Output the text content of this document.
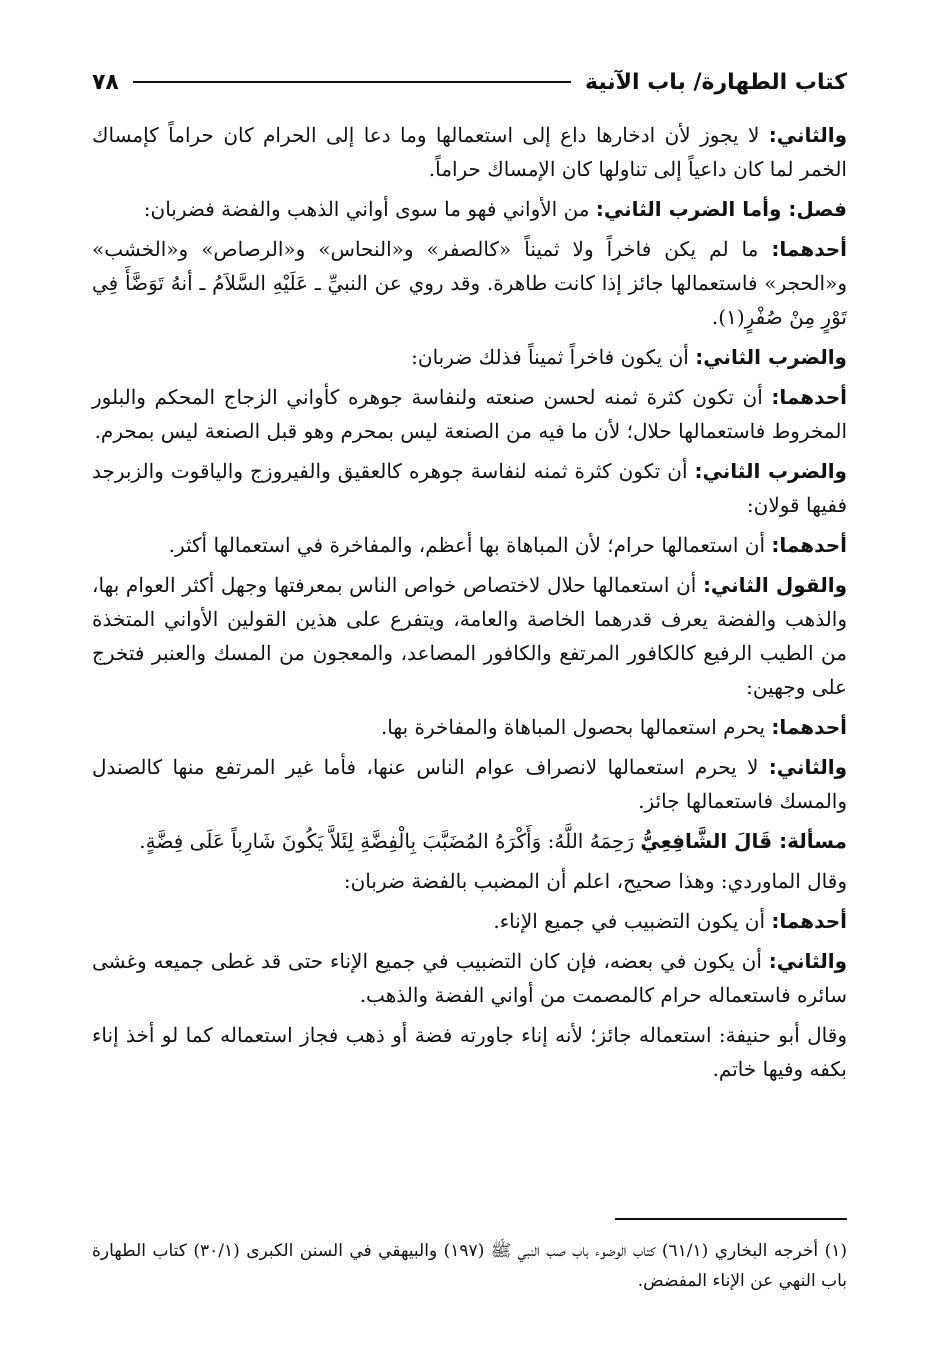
كتاب الطهارة/ باب الآنية
٧٨

والثاني: لا يجوز لأن ادخارها داع إلى استعمالها وما دعا إلى الحرام كان حراماً كإمساك الخمر لما كان داعياً إلى تناولها كان الإمساك حراماً.

فصل: وأما الضرب الثاني: من الأواني فهو ما سوى أواني الذهب والفضة فضربان:

أحدهما: ما لم يكن فاخراً ولا ثميناً «كالصفر» و«النحاس» و«الرصاص» و«الخشب» و«الحجر» فاستعمالها جائز إذا كانت طاهرة. وقد روي عن النبيِّ ـ عَلَيْهِ السَّلاَمُ ـ أنهُ تَوَضَّأَ فِي تَوْرٍ مِنْ صُفْرٍ(١).

والضرب الثاني: أن يكون فاخراً ثميناً فذلك ضربان:

أحدهما: أن تكون كثرة ثمنه لحسن صنعته ولنفاسة جوهره كأواني الزجاج المحكم والبلور المخروط فاستعمالها حلال؛ لأن ما فيه من الصنعة ليس بمحرم وهو قبل الصنعة ليس بمحرم.

والضرب الثاني: أن تكون كثرة ثمنه لنفاسة جوهره كالعقيق والفيروزج والياقوت والزبرجد ففيها قولان:

أحدهما: أن استعمالها حرام؛ لأن المباهاة بها أعظم، والمفاخرة في استعمالها أكثر.

والقول الثاني: أن استعمالها حلال لاختصاص خواص الناس بمعرفتها وجهل أكثر العوام بها، والذهب والفضة يعرف قدرهما الخاصة والعامة، ويتفرع على هذين القولين الأواني المتخذة من الطيب الرفيع كالكافور المرتفع والكافور المصاعد، والمعجون من المسك والعنبر فتخرج على وجهين:

أحدهما: يحرم استعمالها بحصول المباهاة والمفاخرة بها.

والثاني: لا يحرم استعمالها لانصراف عوام الناس عنها، فأما غير المرتفع منها كالصندل والمسك فاستعمالها جائز.

مسألة: قَالَ الشَّافِعِيُّ رَحِمَهُ اللَّهُ: وَأَكْرَهُ المُضَبَّبَ بِالْفِضَّةِ لِئَلاَّ يَكُونَ شَارِباً عَلَى فِضَّةٍ.

وقال الماوردي: وهذا صحيح، اعلم أن المضبب بالفضة ضربان:

أحدهما: أن يكون التضبيب في جميع الإناء.

والثاني: أن يكون في بعضه، فإن كان التضبيب في جميع الإناء حتى قد غطى جميعه وغشى سائره فاستعماله حرام كالمصمت من أواني الفضة والذهب.

وقال أبو حنيفة: استعماله جائز؛ لأنه إناء جاورته فضة أو ذهب فجاز استعماله كما لو أخذ إناء بكفه وفيها خاتم.

(١) أخرجه البخاري (٦١/١) كتاب الوضوء باب صب النبي ﷺ (١٩٧) والبيهقي في السنن الكبرى (٣٠/١) كتاب الطهارة باب النهي عن الإناء المفضض.
